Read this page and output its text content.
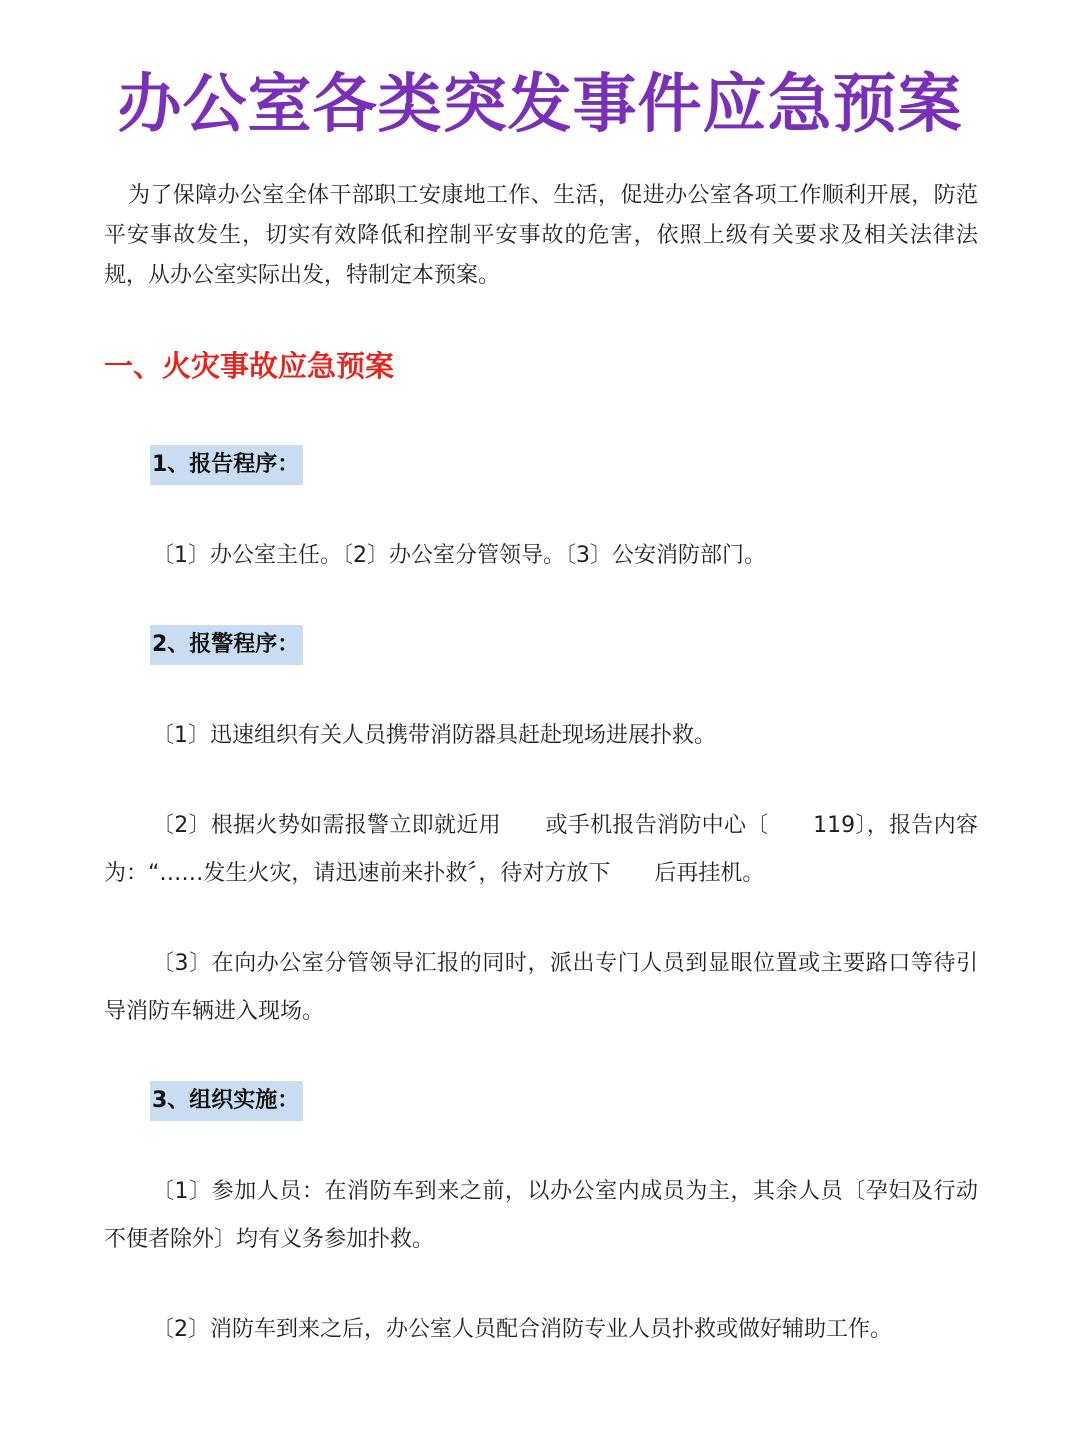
办公室各类突发事件应急预案

为了保障办公室全体干部职工安康地工作、生活，促进办公室各项工作顺利开展，防范平安事故发生，切实有效降低和控制平安事故的危害，依照上级有关要求及相关法律法规，从办公室实际出发，特制定本预案。

一、火灾事故应急预案
1、报告程序：

〔1〕办公室主任。〔2〕办公室分管领导。〔3〕公安消防部门。

2、报警程序：

〔1〕迅速组织有关人员携带消防器具赶赴现场进展扑救。

〔2〕根据火势如需报警立即就近用　　或手机报告消防中心〔　　119〕，报告内容为：“……发生火灾，请迅速前来扑救〞，待对方放下　　后再挂机。

〔3〕在向办公室分管领导汇报的同时，派出专门人员到显眼位置或主要路口等待引导消防车辆进入现场。

3、组织实施：

〔1〕参加人员：在消防车到来之前，以办公室内成员为主，其余人员〔孕妇及行动不便者除外〕均有义务参加扑救。

〔2〕消防车到来之后，办公室人员配合消防专业人员扑救或做好辅助工作。
